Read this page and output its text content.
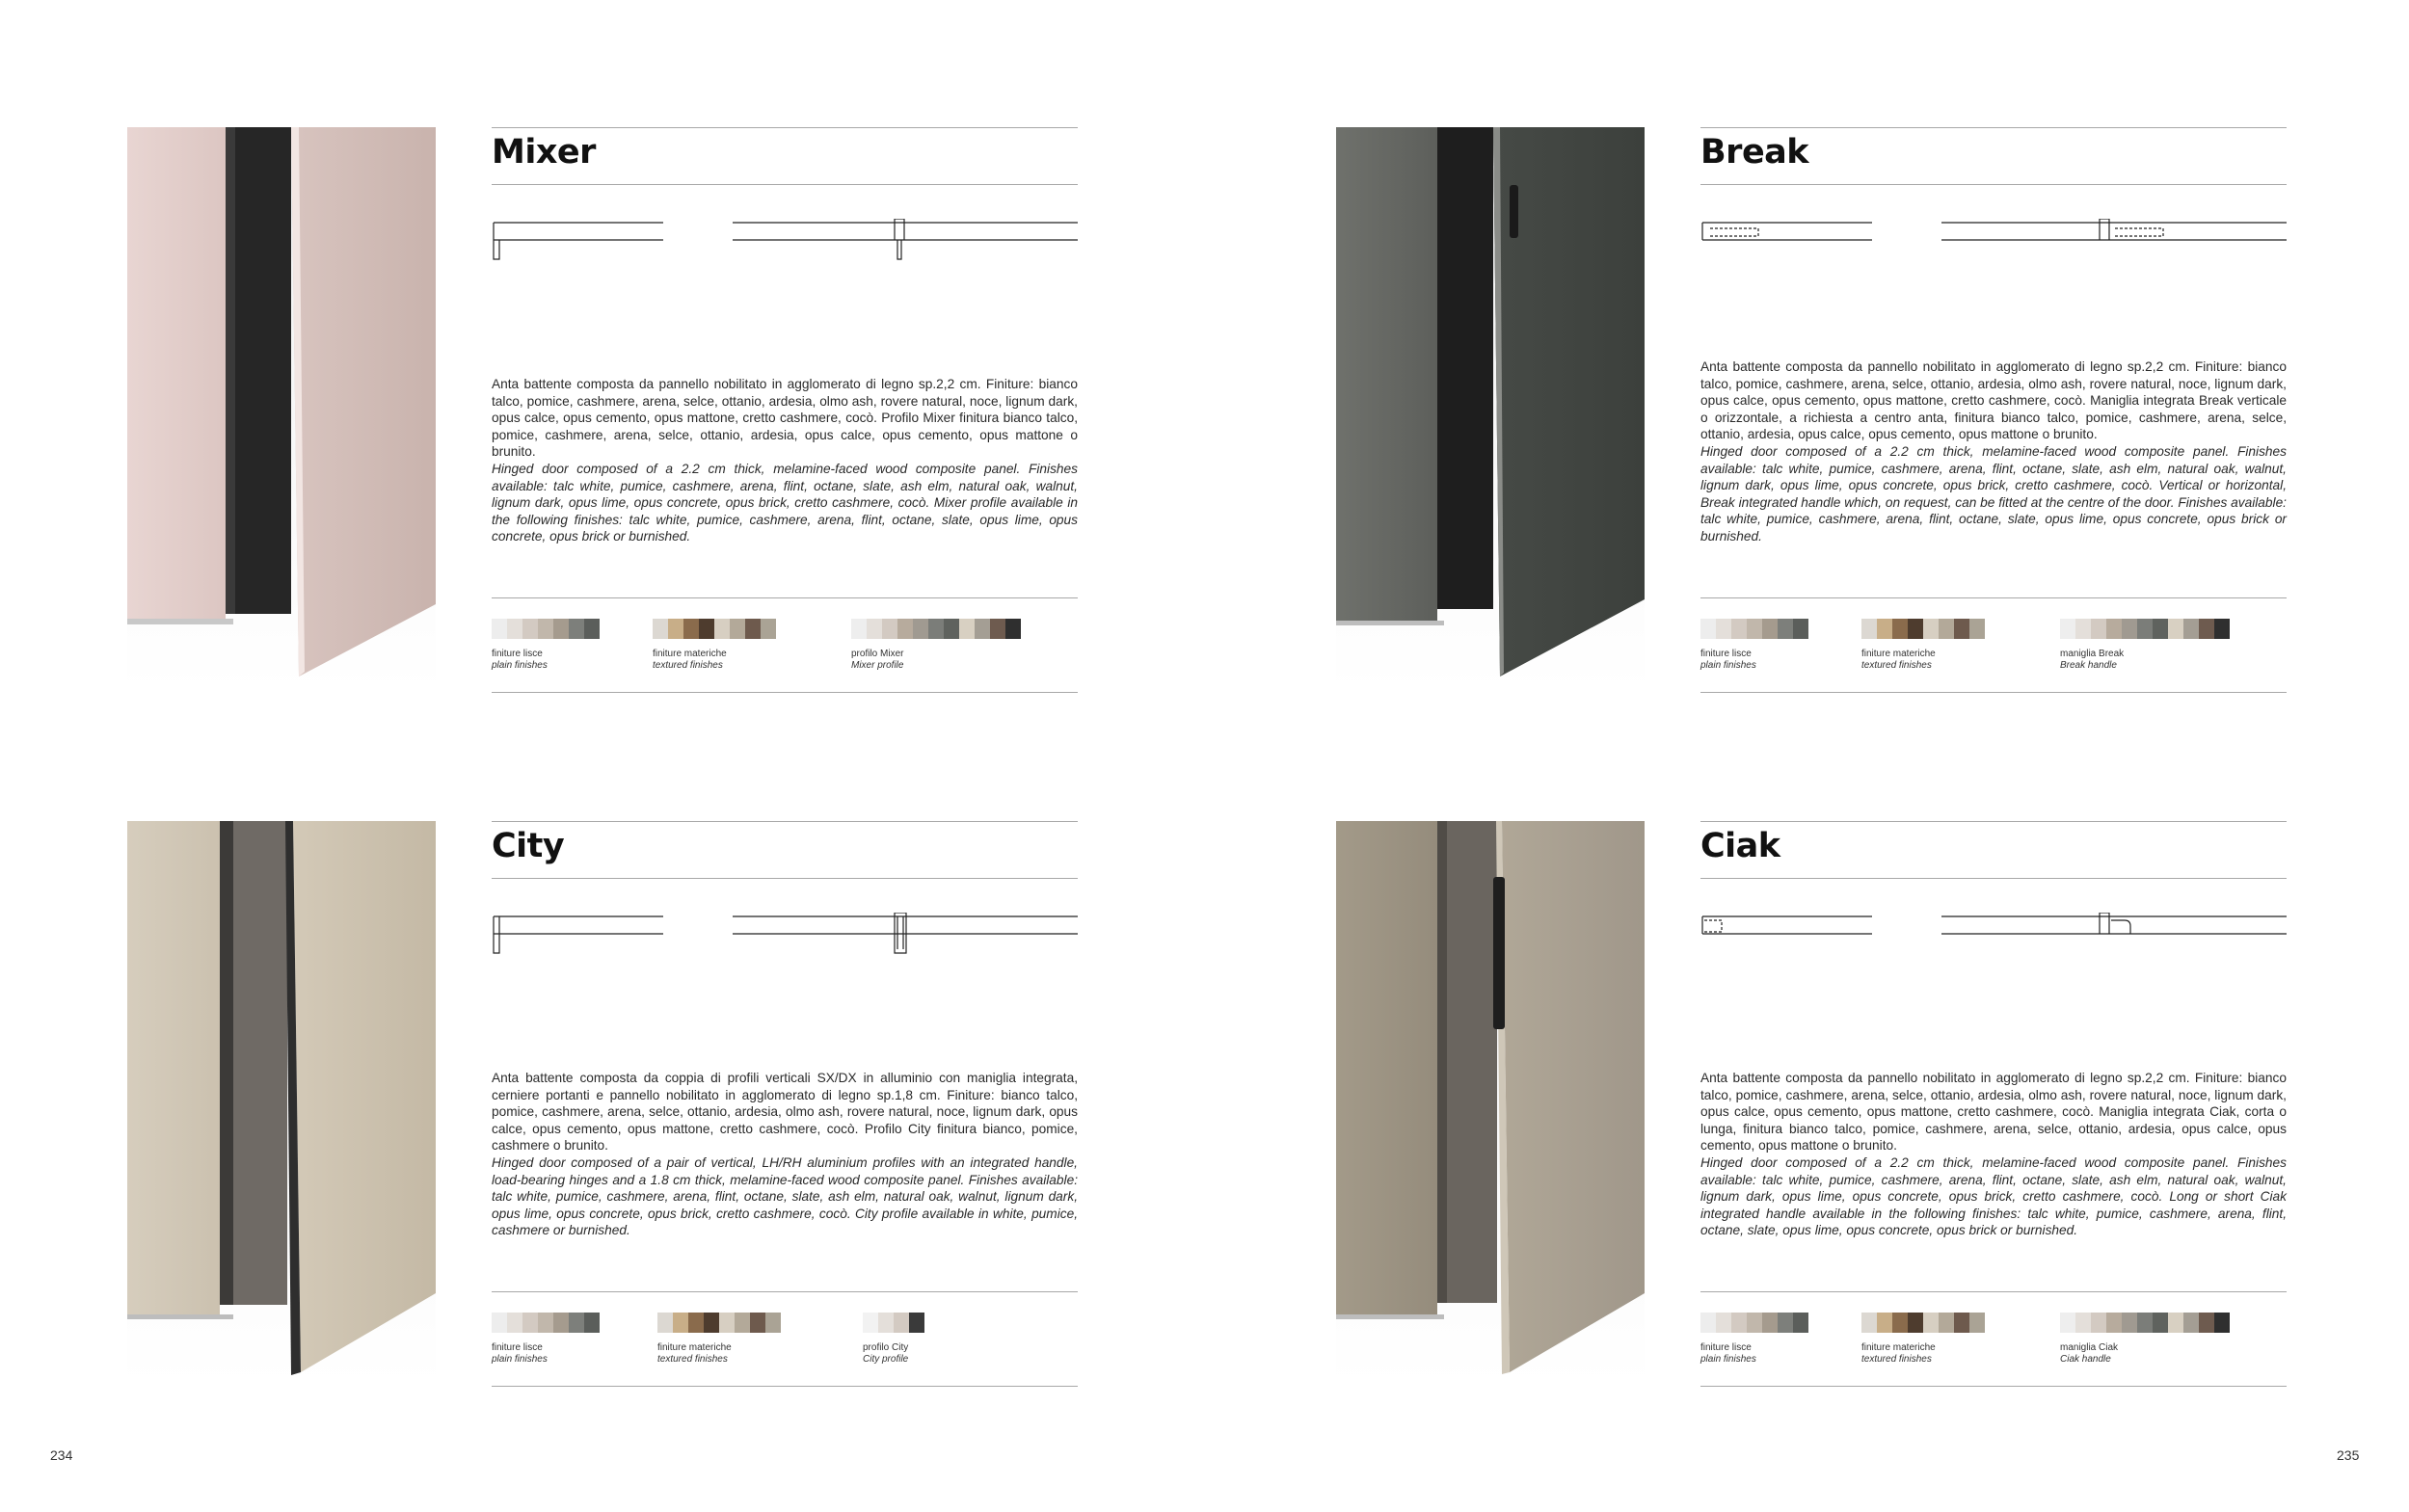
Mixer

Anta battente composta da pannello nobilitato in agglomerato di legno sp.2,2 cm. Finiture: bianco talco, pomice, cashmere, arena, selce, ottanio, ardesia, olmo ash, rovere natural, noce, lignum dark, opus calce, opus cemento, opus mattone, cretto cashmere, cocò. Profilo Mixer finitura bianco talco, pomice, cashmere, arena, selce, ottanio, ardesia, opus calce, opus cemento, opus mattone o brunito.

Hinged door composed of a 2.2 cm thick, melamine-faced wood composite panel. Finishes available: talc white, pumice, cashmere, arena, flint, octane, slate, ash elm, natural oak, walnut, lignum dark, opus lime, opus concrete, opus brick, cretto cashmere, cocò. Mixer profile available in the following finishes: talc white, pumice, cashmere, arena, flint, octane, slate, opus lime, opus concrete, opus brick or burnished.

finiture lisce
plain finishes
finiture materiche
textured finishes
profilo Mixer
Mixer profile
Break

Anta battente composta da pannello nobilitato in agglomerato di legno sp.2,2 cm. Finiture: bianco talco, pomice, cashmere, arena, selce, ottanio, ardesia, olmo ash, rovere natural, noce, lignum dark, opus calce, opus cemento, opus mattone, cretto cashmere, cocò. Maniglia integrata Break verticale o orizzontale, a richiesta a centro anta, finitura bianco talco, pomice, cashmere, arena, selce, ottanio, ardesia, opus calce, opus cemento, opus mattone o brunito.

Hinged door composed of a 2.2 cm thick, melamine-faced wood composite panel. Finishes available: talc white, pumice, cashmere, arena, flint, octane, slate, ash elm, natural oak, walnut, lignum dark, opus lime, opus concrete, opus brick, cretto cashmere, cocò. Vertical or horizontal, Break integrated handle which, on request, can be fitted at the centre of the door. Finishes available: talc white, pumice, cashmere, arena, flint, octane, slate, opus lime, opus concrete, opus brick or burnished.

finiture lisce
plain finishes
finiture materiche
textured finishes
maniglia Break
Break handle
City

Anta battente composta da coppia di profili verticali SX/DX in alluminio con maniglia integrata, cerniere portanti e pannello nobilitato in agglomerato di legno sp.1,8 cm. Finiture: bianco talco, pomice, cashmere, arena, selce, ottanio, ardesia, olmo ash, rovere natural, noce, lignum dark, opus calce, opus cemento, opus mattone, cretto cashmere, cocò. Profilo City finitura bianco, pomice, cashmere o brunito.

Hinged door composed of a pair of vertical, LH/RH aluminium profiles with an integrated handle, load-bearing hinges and a 1.8 cm thick, melamine-faced wood composite panel. Finishes available: talc white, pumice, cashmere, arena, flint, octane, slate, ash elm, natural oak, walnut, lignum dark, opus lime, opus concrete, opus brick, cretto cashmere, cocò. City profile available in white, pumice, cashmere or burnished.

finiture lisce
plain finishes
finiture materiche
textured finishes
profilo City
City profile
Ciak

Anta battente composta da pannello nobilitato in agglomerato di legno sp.2,2 cm. Finiture: bianco talco, pomice, cashmere, arena, selce, ottanio, ardesia, olmo ash, rovere natural, noce, lignum dark, opus calce, opus cemento, opus mattone, cretto cashmere, cocò. Maniglia integrata Ciak, corta o lunga, finitura bianco talco, pomice, cashmere, arena, selce, ottanio, ardesia, opus calce, opus cemento, opus mattone o brunito.

Hinged door composed of a 2.2 cm thick, melamine-faced wood composite panel. Finishes available: talc white, pumice, cashmere, arena, flint, octane, slate, ash elm, natural oak, walnut, lignum dark, opus lime, opus concrete, opus brick, cretto cashmere, cocò. Long or short Ciak integrated handle available in the following finishes: talc white, pumice, cashmere, arena, flint, octane, slate, opus lime, opus concrete, opus brick or burnished.

finiture lisce
plain finishes
finiture materiche
textured finishes
maniglia Ciak
Ciak handle
234	235
